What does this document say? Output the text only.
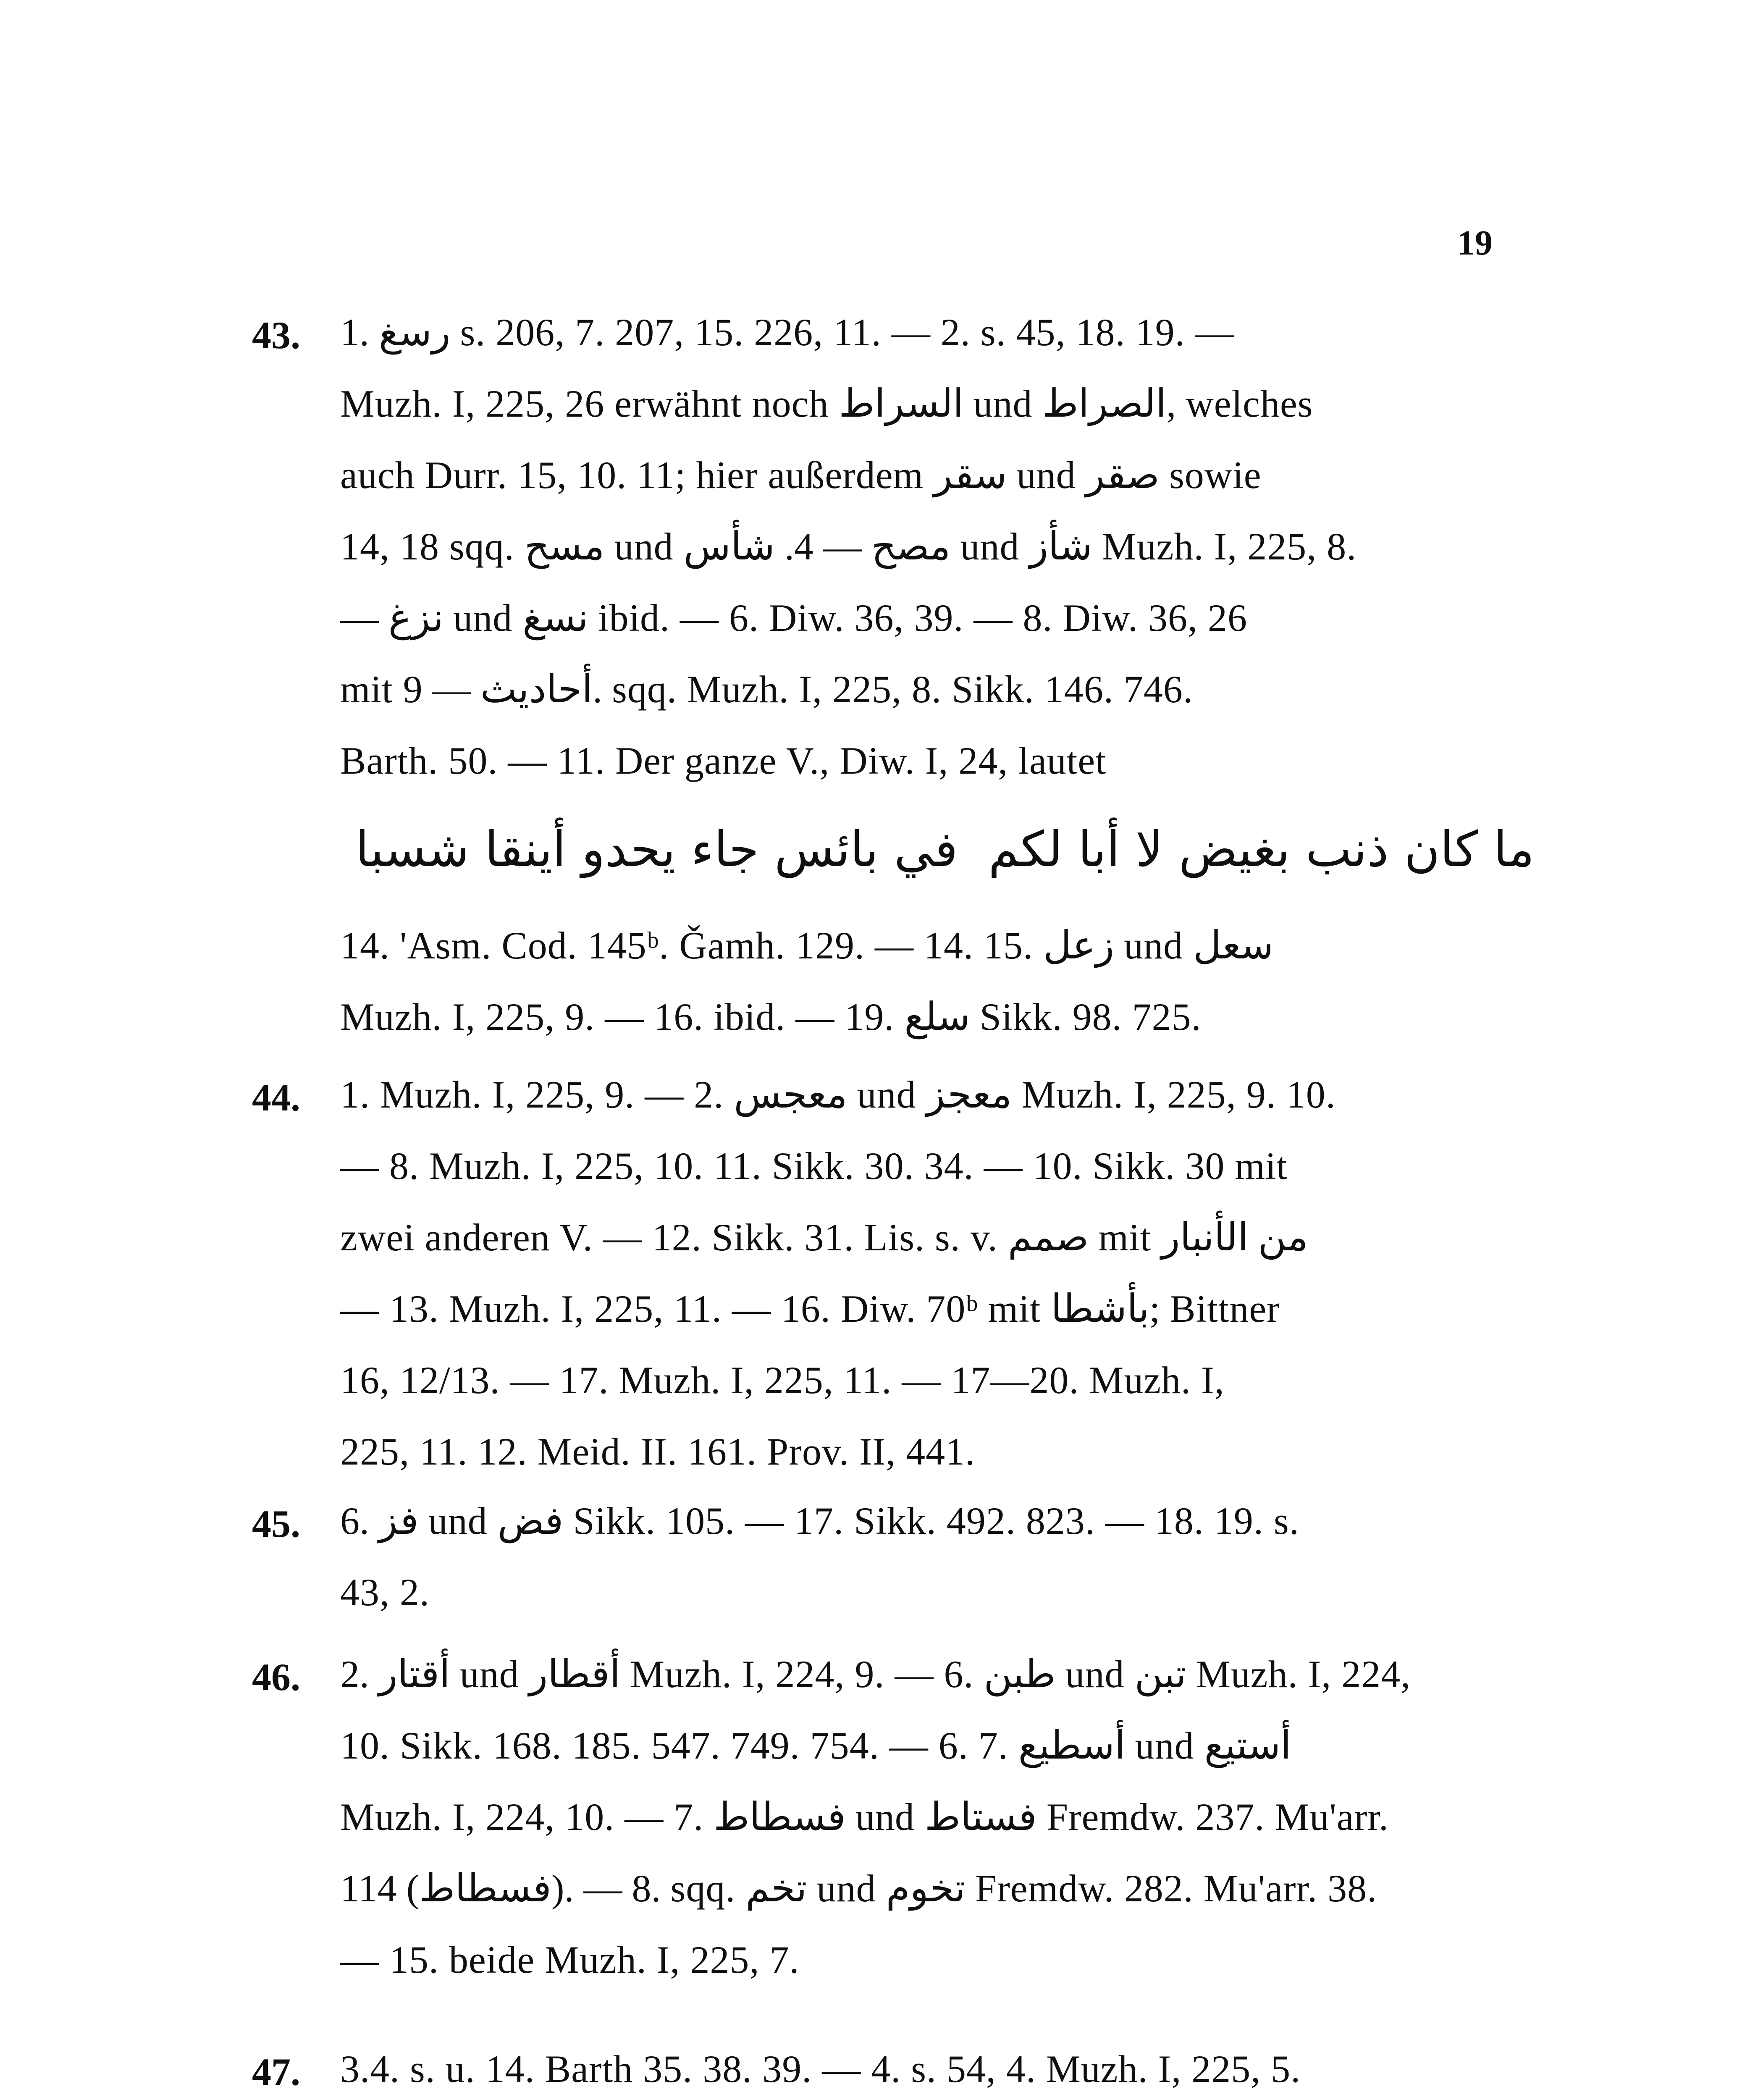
19
43. 1. رسغ s. 206, 7. 207, 15. 226, 11. — 2. s. 45, 18. 19. —
Muzh. I, 225, 26 erwähnt noch السراط und الصراط, welches
auch Durr. 15, 10. 11; hier außerdem سقر und صقر sowie
14, 18 sqq. مسح und مصح — 4. شأس und شأز Muzh. I, 225, 8.
— نزغ und نسغ ibid. — 6. Diw. 36, 39. — 8. Diw. 36, 26
mit أحاديث — 9. sqq. Muzh. I, 225, 8. Sikk. 146. 746.
Barth. 50. — 11. Der ganze V., Diw. I, 24, lautet
ما كان ذنب بغيض لا أبا لكم
في بائس جاء يحدو أينقا شسبا
14. 'Asm. Cod. 145ᵇ. Ǧamh. 129. — 14. 15. زعل und سعل
Muzh. I, 225, 9. — 16. ibid. — 19. سلع Sikk. 98. 725.
44. 1. Muzh. I, 225, 9. — 2. معجس und معجز Muzh. I, 225, 9. 10.
— 8. Muzh. I, 225, 10. 11. Sikk. 30. 34. — 10. Sikk. 30 mit
zwei anderen V. — 12. Sikk. 31. Lis. s. v. صمم mit من الأنبار
— 13. Muzh. I, 225, 11. — 16. Diw. 70ᵇ mit بأشطا; Bittner
16, 12/13. — 17. Muzh. I, 225, 11. — 17—20. Muzh. I,
225, 11. 12. Meid. II. 161. Prov. II, 441.
45. 6. فز und فض Sikk. 105. — 17. Sikk. 492. 823. — 18. 19. s.
43, 2.
46. 2. أقتار und أقطار Muzh. I, 224, 9. — 6. طبن und تبن Muzh. I, 224,
10. Sikk. 168. 185. 547. 749. 754. — 6. 7. أسطيع und أستيع
Muzh. I, 224, 10. — 7. فسطاط und فستاط Fremdw. 237. Mu'arr.
114 (فسطاط). — 8. sqq. تخم und تخوم Fremdw. 282. Mu'arr. 38.
— 15. beide Muzh. I, 225, 7.
47. 3.4. s. u. 14. Barth 35. 38. 39. — 4. s. 54, 4. Muzh. I, 225, 5.
